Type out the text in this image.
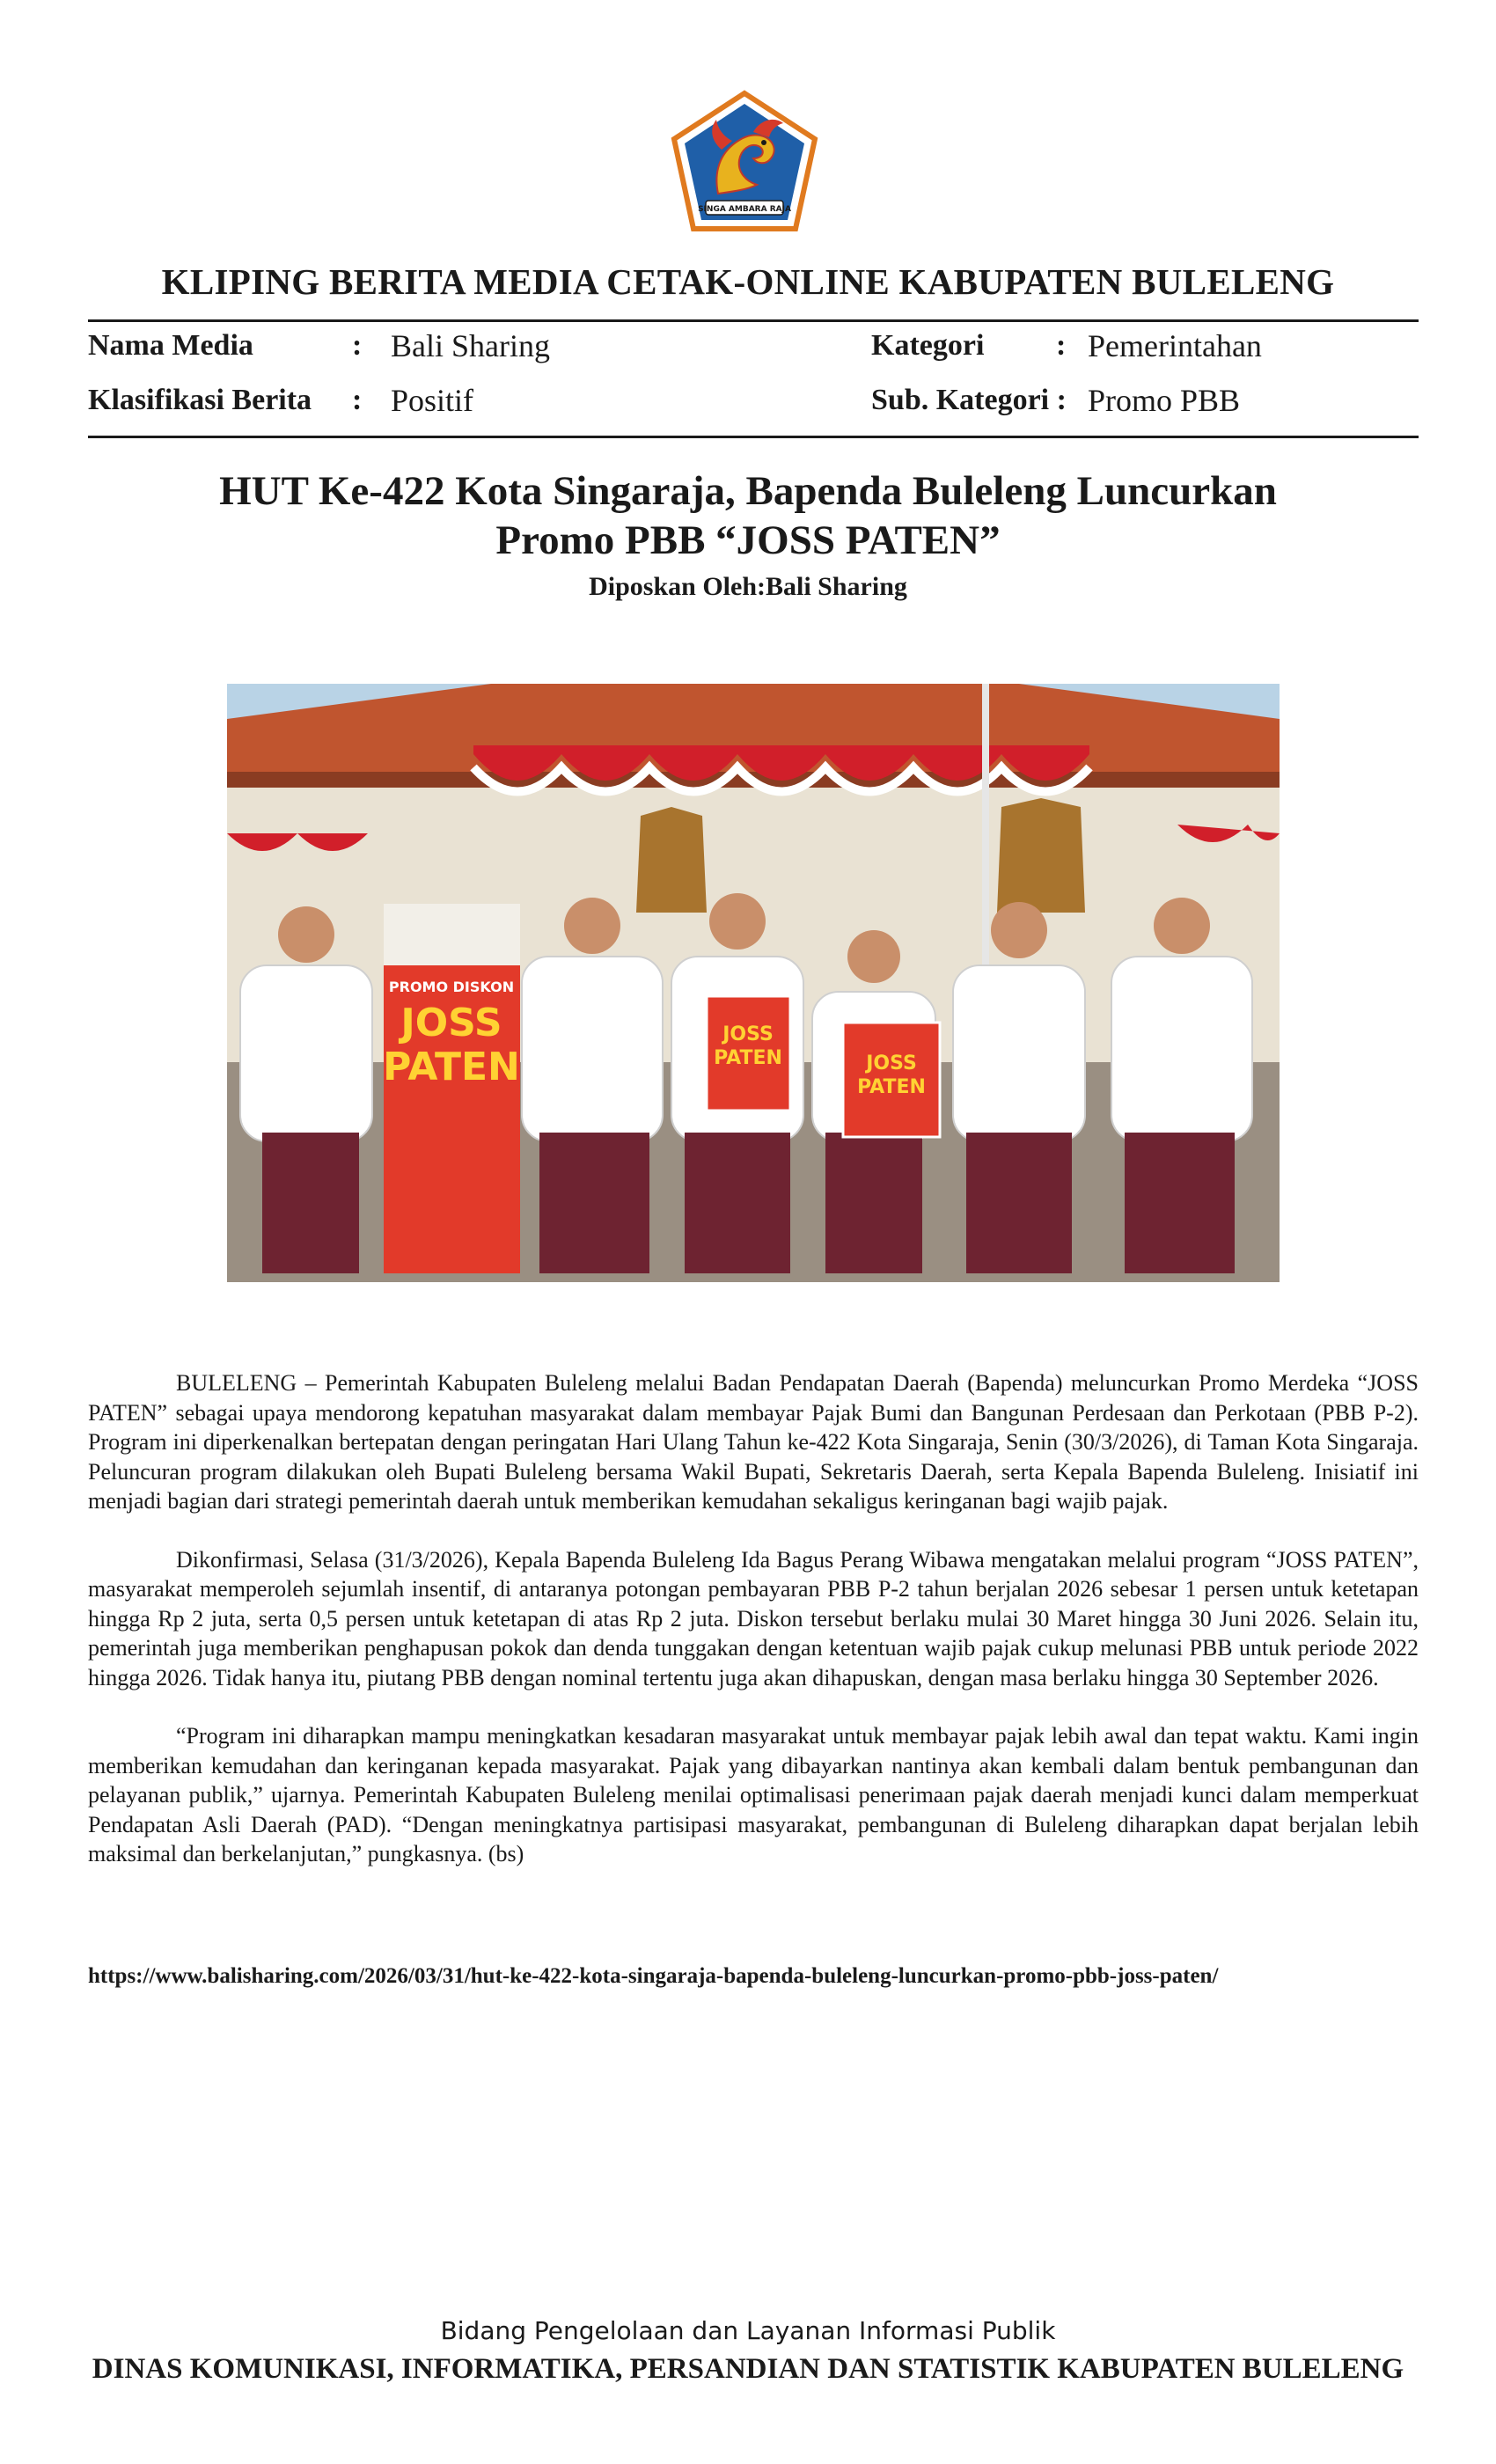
SINGA AMBARA RAJA
KLIPING BERITA MEDIA CETAK-ONLINE KABUPATEN BULELENG
Nama Media	: Bali Sharing	Kategori : Pemerintahan
Klasifikasi Berita : Positif	Sub. Kategori : Promo PBB
HUT Ke-422 Kota Singaraja, Bapenda Buleleng Luncurkan
Promo PBB “JOSS PATEN”
Diposkan Oleh:Bali Sharing
PROMO DISKON
JOSS
PATEN
JOSS
PATEN	JOSS
PATEN

BULELENG – Pemerintah Kabupaten Buleleng melalui Badan Pendapatan Daerah (Bapenda) meluncurkan Promo Merdeka “JOSS PATEN” sebagai upaya mendorong kepatuhan masyarakat dalam membayar Pajak Bumi dan Bangunan Perdesaan dan Perkotaan (PBB P-2). Program ini diperkenalkan bertepatan dengan peringatan Hari Ulang Tahun ke-422 Kota Singaraja, Senin (30/3/2026), di Taman Kota Singaraja. Peluncuran program dilakukan oleh Bupati Buleleng bersama Wakil Bupati, Sekretaris Daerah, serta Kepala Bapenda Buleleng. Inisiatif ini menjadi bagian dari strategi pemerintah daerah untuk memberikan kemudahan sekaligus keringanan bagi wajib pajak.

Dikonfirmasi, Selasa (31/3/2026), Kepala Bapenda Buleleng Ida Bagus Perang Wibawa mengatakan melalui program “JOSS PATEN”, masyarakat memperoleh sejumlah insentif, di antaranya potongan pembayaran PBB P-2 tahun berjalan 2026 sebesar 1 persen untuk ketetapan hingga Rp 2 juta, serta 0,5 persen untuk ketetapan di atas Rp 2 juta. Diskon tersebut berlaku mulai 30 Maret hingga 30 Juni 2026. Selain itu, pemerintah juga memberikan penghapusan pokok dan denda tunggakan dengan ketentuan wajib pajak cukup melunasi PBB untuk periode 2022 hingga 2026. Tidak hanya itu, piutang PBB dengan nominal tertentu juga akan dihapuskan, dengan masa berlaku hingga 30 September 2026.

“Program ini diharapkan mampu meningkatkan kesadaran masyarakat untuk membayar pajak lebih awal dan tepat waktu. Kami ingin memberikan kemudahan dan keringanan kepada masyarakat. Pajak yang dibayarkan nantinya akan kembali dalam bentuk pembangunan dan pelayanan publik,” ujarnya. Pemerintah Kabupaten Buleleng menilai optimalisasi penerimaan pajak daerah menjadi kunci dalam memperkuat Pendapatan Asli Daerah (PAD). “Dengan meningkatnya partisipasi masyarakat, pembangunan di Buleleng diharapkan dapat berjalan lebih maksimal dan berkelanjutan,” pungkasnya. (bs)

https://www.balisharing.com/2026/03/31/hut-ke-422-kota-singaraja-bapenda-buleleng-luncurkan-promo-pbb-joss-paten/
Bidang Pengelolaan dan Layanan Informasi Publik
DINAS KOMUNIKASI, INFORMATIKA, PERSANDIAN DAN STATISTIK KABUPATEN BULELENG
